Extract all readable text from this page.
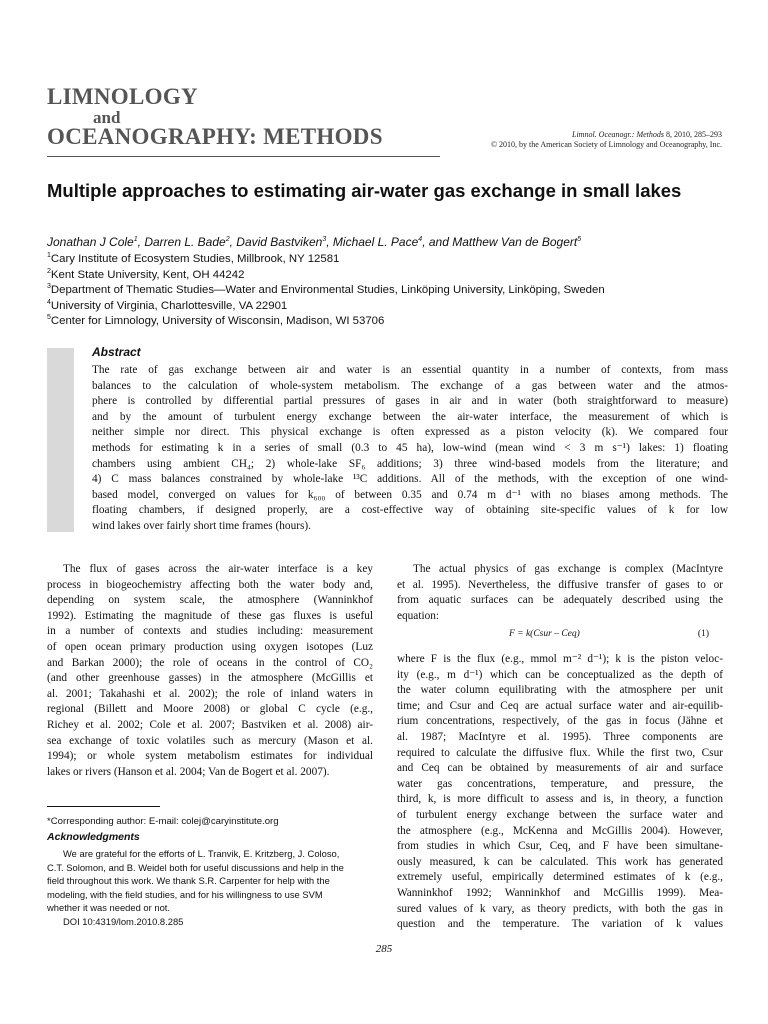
LIMNOLOGY
and
OCEANOGRAPHY: METHODS	Limnol. Oceanogr.: Methods 8, 2010, 285–293
© 2010, by the American Society of Limnology and Oceanography, Inc.
Multiple approaches to estimating air-water gas exchange in small lakes
Jonathan J Cole$^1$, Darren L. Bade$^2$, David Bastviken$^3$, Michael L. Pace$^4$, and Matthew Van de Bogert$^5$
$^1$Cary Institute of Ecosystem Studies, Millbrook, NY 12581
$^2$Kent State University, Kent, OH 44242
$^3$Department of Thematic Studies—Water and Environmental Studies, Linköping University, Linköping, Sweden
$^4$University of Virginia, Charlottesville, VA 22901
$^5$Center for Limnology, University of Wisconsin, Madison, WI 53706
Abstract
The rate of gas exchange between air and water is an essential quantity in a number of contexts, from mass
balances to the calculation of whole-system metabolism. The exchange of a gas between water and the atmos-
phere is controlled by differential partial pressures of gases in air and in water (both straightforward to measure)
and by the amount of turbulent energy exchange between the air-water interface, the measurement of which is
neither simple nor direct. This physical exchange is often expressed as a piston velocity (k). We compared four
methods for estimating k in a series of small (0.3 to 45 ha), low-wind (mean wind < 3 m s⁻¹) lakes: 1) floating
chambers using ambient CH₄; 2) whole-lake SF₆ additions; 3) three wind-based models from the literature; and
4) C mass balances constrained by whole-lake ¹³C additions. All of the methods, with the exception of one wind-
based model, converged on values for k₆₀₀ of between 0.35 and 0.74 m d⁻¹ with no biases among methods. The
floating chambers, if designed properly, are a cost-effective way of obtaining site-specific values of k for low
wind lakes over fairly short time frames (hours).
The flux of gases across the air-water interface is a key
process in biogeochemistry affecting both the water body and,
depending on system scale, the atmosphere (Wanninkhof
1992). Estimating the magnitude of these gas fluxes is useful
in a number of contexts and studies including: measurement
of open ocean primary production using oxygen isotopes (Luz
and Barkan 2000); the role of oceans in the control of CO₂
(and other greenhouse gasses) in the atmosphere (McGillis et
al. 2001; Takahashi et al. 2002); the role of inland waters in
regional (Billett and Moore 2008) or global C cycle (e.g.,
Richey et al. 2002; Cole et al. 2007; Bastviken et al. 2008) air-
sea exchange of toxic volatiles such as mercury (Mason et al.
1994); or whole system metabolism estimates for individual
lakes or rivers (Hanson et al. 2004; Van de Bogert et al. 2007).
The actual physics of gas exchange is complex (MacIntyre
et al. 1995). Nevertheless, the diffusive transfer of gases to or
from aquatic surfaces can be adequately described using the
equation:
F = k(Csur – Ceq)	(1)
where F is the flux (e.g., mmol m⁻² d⁻¹); k is the piston veloc-
ity (e.g., m d⁻¹) which can be conceptualized as the depth of
the water column equilibrating with the atmosphere per unit
time; and Csur and Ceq are actual surface water and air-equilib-
rium concentrations, respectively, of the gas in focus (Jähne et
al. 1987; MacIntyre et al. 1995). Three components are
required to calculate the diffusive flux. While the first two, Csur
and Ceq can be obtained by measurements of air and surface
water gas concentrations, temperature, and pressure, the
third, k, is more difficult to assess and is, in theory, a function
of turbulent energy exchange between the surface water and
the atmosphere (e.g., McKenna and McGillis 2004). However,
from studies in which Csur, Ceq, and F have been simultane-
ously measured, k can be calculated. This work has generated
extremely useful, empirically determined estimates of k (e.g.,
Wanninkhof 1992; Wanninkhof and McGillis 1999). Mea-
sured values of k vary, as theory predicts, with both the gas in
question and the temperature. The variation of k values
*Corresponding author: E-mail: colej@caryinstitute.org
Acknowledgments
We are grateful for the efforts of L. Tranvik, E. Kritzberg, J. Coloso,
C.T. Solomon, and B. Weidel both for useful discussions and help in the
field throughout this work. We thank S.R. Carpenter for help with the
modeling, with the field studies, and for his willingness to use SVM
whether it was needed or not.
DOI 10:4319/lom.2010.8.285
285
